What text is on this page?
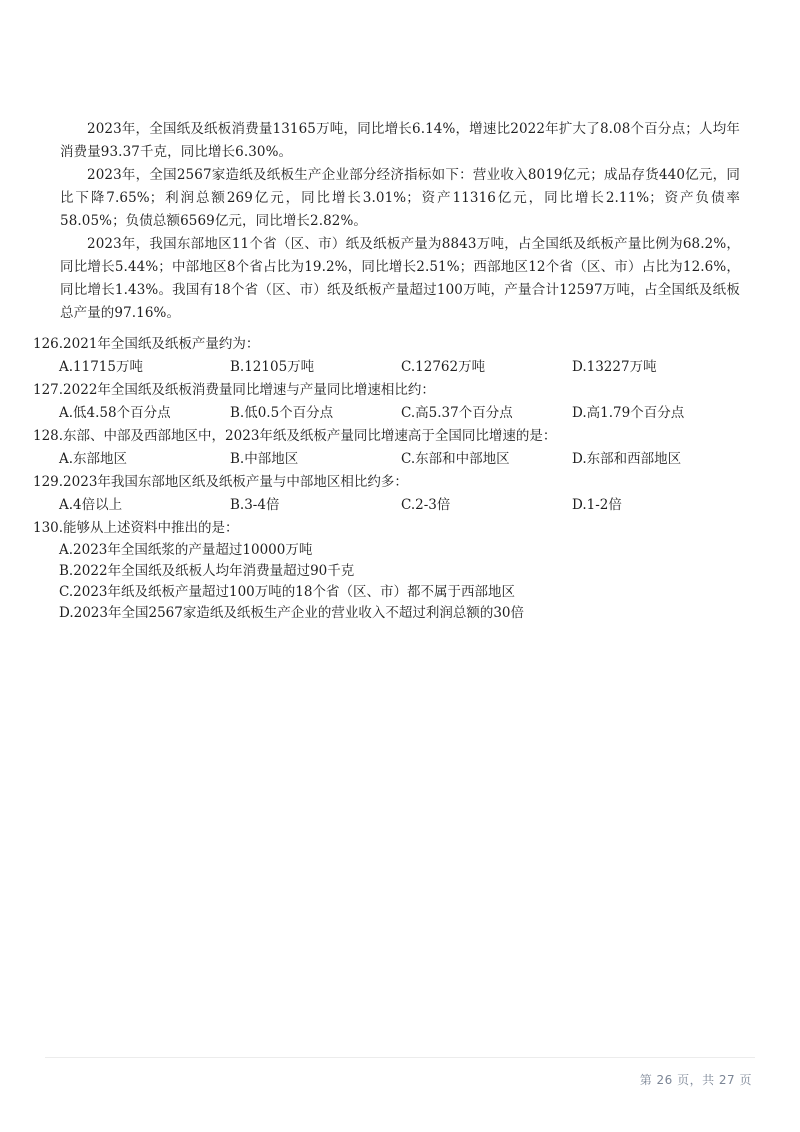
2023年，全国纸及纸板消费量13165万吨，同比增长6.14%，增速比2022年扩大了8.08个百分点；人均年消费量93.37千克，同比增长6.30%。

2023年，全国2567家造纸及纸板生产企业部分经济指标如下：营业收入8019亿元；成品存货440亿元，同比下降7.65%；利润总额269亿元，同比增长3.01%；资产11316亿元，同比增长2.11%；资产负债率58.05%；负债总额6569亿元，同比增长2.82%。

2023年，我国东部地区11个省（区、市）纸及纸板产量为8843万吨，占全国纸及纸板产量比例为68.2%，同比增长5.44%；中部地区8个省占比为19.2%，同比增长2.51%；西部地区12个省（区、市）占比为12.6%，同比增长1.43%。我国有18个省（区、市）纸及纸板产量超过100万吨，产量合计12597万吨，占全国纸及纸板总产量的97.16%。

126.2021年全国纸及纸板产量约为：
A.11715万吨	B.12105万吨	C.12762万吨	D.13227万吨
127.2022年全国纸及纸板消费量同比增速与产量同比增速相比约：
A.低4.58个百分点	B.低0.5个百分点	C.高5.37个百分点	D.高1.79个百分点
128.东部、中部及西部地区中，2023年纸及纸板产量同比增速高于全国同比增速的是：
A.东部地区	B.中部地区	C.东部和中部地区	D.东部和西部地区
129.2023年我国东部地区纸及纸板产量与中部地区相比约多：
A.4倍以上	B.3-4倍	C.2-3倍	D.1-2倍
130.能够从上述资料中推出的是：
A.2023年全国纸浆的产量超过10000万吨
B.2022年全国纸及纸板人均年消费量超过90千克
C.2023年纸及纸板产量超过100万吨的18个省（区、市）都不属于西部地区
D.2023年全国2567家造纸及纸板生产企业的营业收入不超过利润总额的30倍
第 26 页，共 27 页
